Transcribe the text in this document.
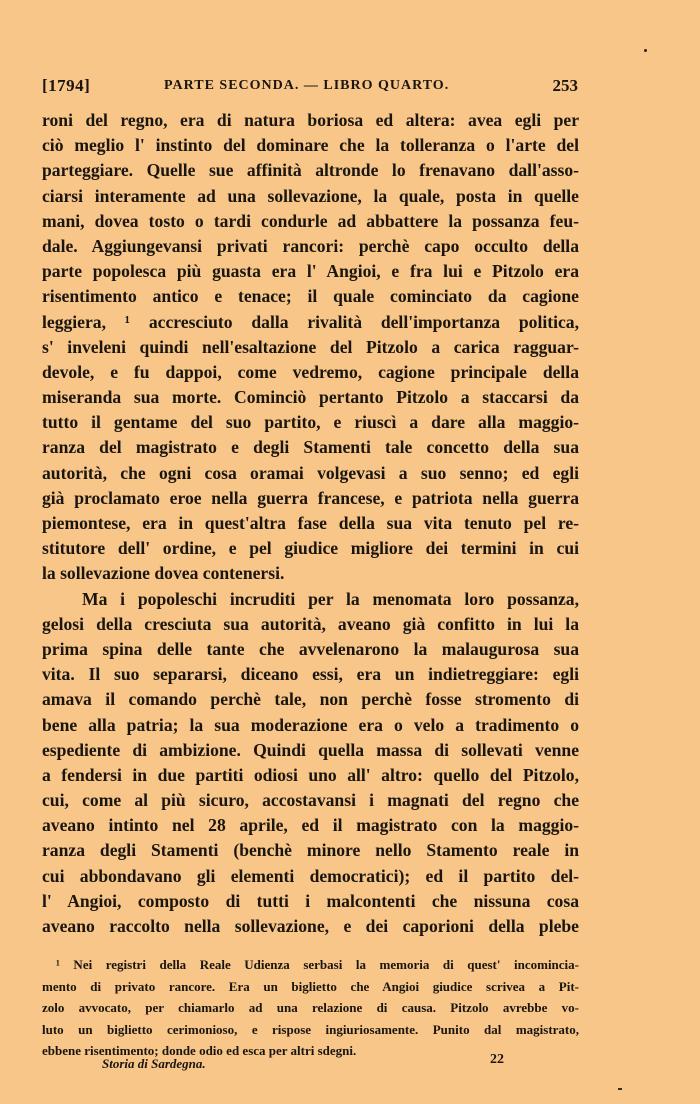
[1794]	PARTE SECONDA. — LIBRO QUARTO.	253
roni del regno, era di natura boriosa ed altera: avea egli per
ciò meglio l' instinto del dominare che la tolleranza o l'arte del
parteggiare. Quelle sue affinità altronde lo frenavano dall'asso-
ciarsi interamente ad una sollevazione, la quale, posta in quelle
mani, dovea tosto o tardi condurle ad abbattere la possanza feu-
dale. Aggiungevansi privati rancori: perchè capo occulto della
parte popolesca più guasta era l' Angioi, e fra lui e Pitzolo era
risentimento antico e tenace; il quale cominciato da cagione
leggiera, ¹ accresciuto dalla rivalità dell'importanza politica,
s' inveleni quindi nell'esaltazione del Pitzolo a carica ragguar-
devole, e fu dappoi, come vedremo, cagione principale della
miseranda sua morte. Cominciò pertanto Pitzolo a staccarsi da
tutto il gentame del suo partito, e riuscì a dare alla maggio-
ranza del magistrato e degli Stamenti tale concetto della sua
autorità, che ogni cosa oramai volgevasi a suo senno; ed egli
già proclamato eroe nella guerra francese, e patriota nella guerra
piemontese, era in quest'altra fase della sua vita tenuto pel re-
stitutore dell' ordine, e pel giudice migliore dei termini in cui
la sollevazione dovea contenersi.
Ma i popoleschi incruditi per la menomata loro possanza,
gelosi della cresciuta sua autorità, aveano già confitto in lui la
prima spina delle tante che avvelenarono la malaugurosa sua
vita. Il suo separarsi, diceano essi, era un indietreggiare: egli
amava il comando perchè tale, non perchè fosse stromento di
bene alla patria; la sua moderazione era o velo a tradimento o
espediente di ambizione. Quindi quella massa di sollevati venne
a fendersi in due partiti odiosi uno all' altro: quello del Pitzolo,
cui, come al più sicuro, accostavansi i magnati del regno che
aveano intinto nel 28 aprile, ed il magistrato con la maggio-
ranza degli Stamenti (benchè minore nello Stamento reale in
cui abbondavano gli elementi democratici); ed il partito del-
l' Angioi, composto di tutti i malcontenti che nissuna cosa
aveano raccolto nella sollevazione, e dei caporioni della plebe
¹ Nei registri della Reale Udienza serbasi la memoria di quest' incomincia-
mento di privato rancore. Era un biglietto che Angioi giudice scrivea a Pit-
zolo avvocato, per chiamarlo ad una relazione di causa. Pitzolo avrebbe vo-
luto un biglietto cerimonioso, e rispose ingiuriosamente. Punito dal magistrato,
ebbene risentimento; donde odio ed esca per altri sdegni.
Storia di Sardegna.	22
